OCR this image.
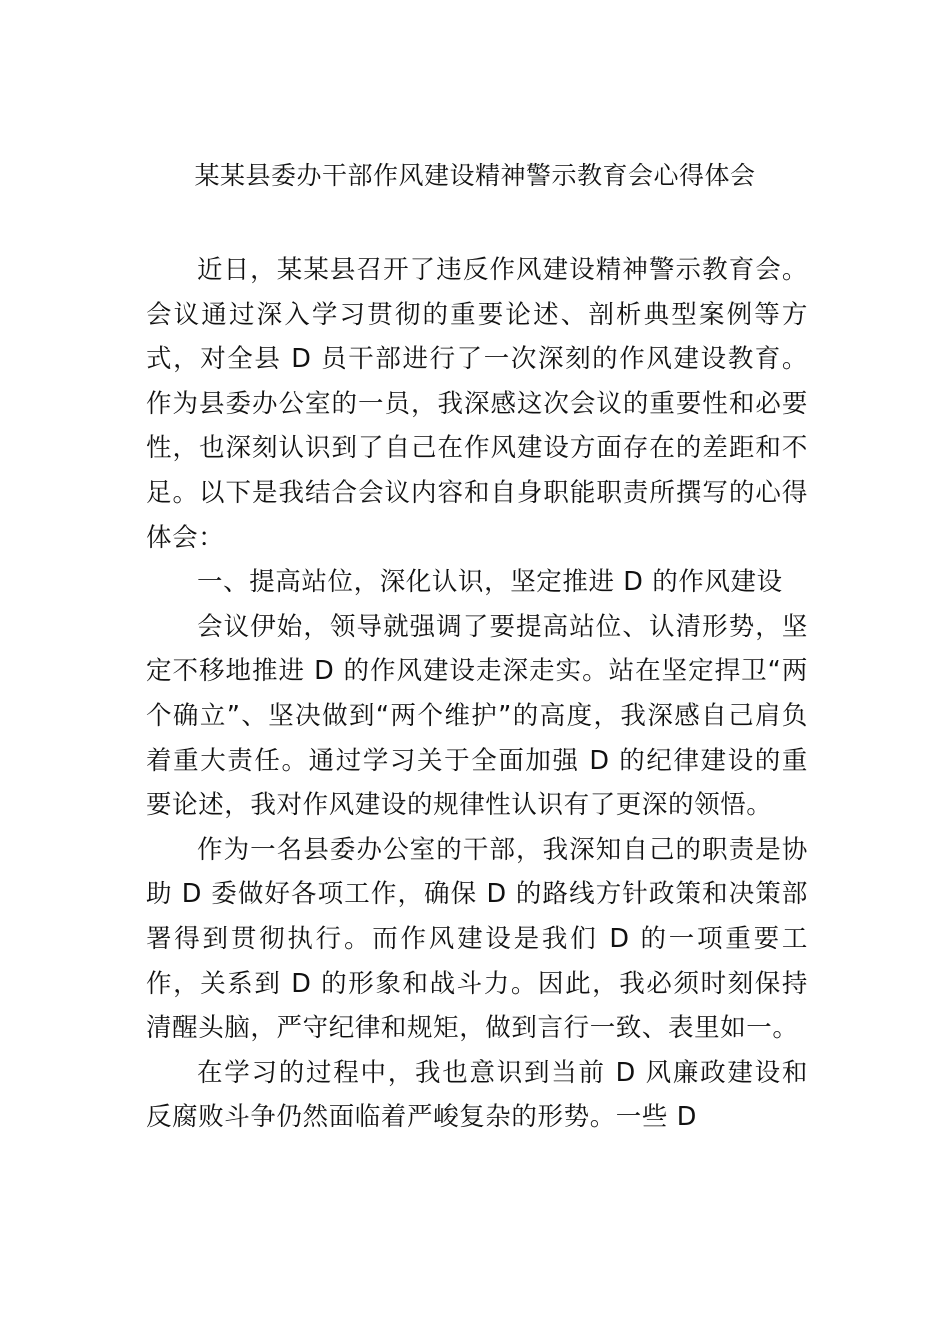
某某县委办干部作风建设精神警示教育会心得体会

近日，某某县召开了违反作风建设精神警示教育会。会议通过深入学习贯彻的重要论述、剖析典型案例等方式，对全县 D 员干部进行了一次深刻的作风建设教育。作为县委办公室的一员，我深感这次会议的重要性和必要性，也深刻认识到了自己在作风建设方面存在的差距和不足。以下是我结合会议内容和自身职能职责所撰写的心得体会：

一、提高站位，深化认识，坚定推进 D 的作风建设

会议伊始，领导就强调了要提高站位、认清形势，坚定不移地推进 D 的作风建设走深走实。站在坚定捍卫“两个确立”、坚决做到“两个维护”的高度，我深感自己肩负着重大责任。通过学习关于全面加强 D 的纪律建设的重要论述，我对作风建设的规律性认识有了更深的领悟。

作为一名县委办公室的干部，我深知自己的职责是协助 D 委做好各项工作，确保 D 的路线方针政策和决策部署得到贯彻执行。而作风建设是我们 D 的一项重要工作，关系到 D 的形象和战斗力。因此，我必须时刻保持清醒头脑，严守纪律和规矩，做到言行一致、表里如一。

在学习的过程中，我也意识到当前 D 风廉政建设和反腐败斗争仍然面临着严峻复杂的形势。一些 D
